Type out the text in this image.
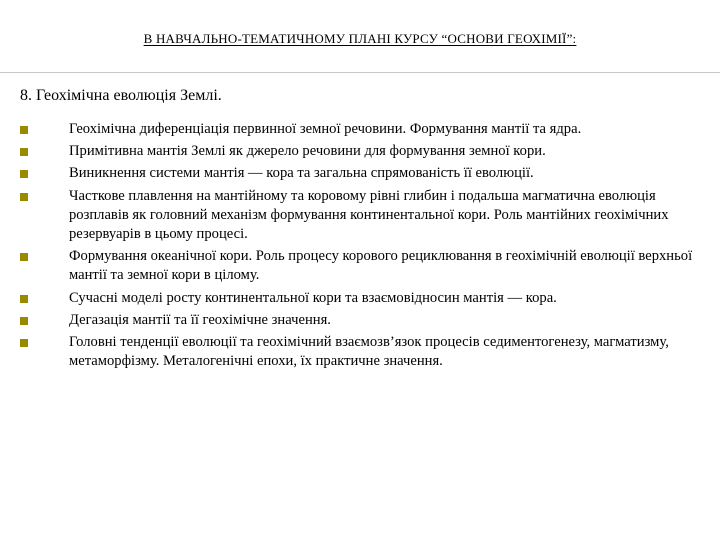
В НАВЧАЛЬНО-ТЕМАТИЧНОМУ ПЛАНІ КУРСУ “ОСНОВИ ГЕОХІМІЇ”:
8. Геохімічна еволюція Землі.
Геохімічна диференціація первинної земної речовини. Формування мантії та ядра.
Примітивна мантія Землі як джерело речовини для формування земної кори.
Виникнення системи мантія — кора та загальна спрямованість її еволюції.
Часткове плавлення на мантійному та коровому рівні глибин і подальша магматична еволюція розплавів як головний механізм формування континентальної кори. Роль мантійних геохімічних резервуарів в цьому процесі.
Формування океанічної кори. Роль процесу корового рециклювання в геохімічній еволюції верхньої мантії та земної кори в цілому.
Сучасні моделі росту континентальної кори та взаємовідносин мантія — кора.
Дегазація мантії та її геохімічне значення.
Головні тенденції еволюції та геохімічний взаємозв’язок процесів седиментогенезу, магматизму, метаморфізму. Металогенічні епохи, їх практичне значення.
